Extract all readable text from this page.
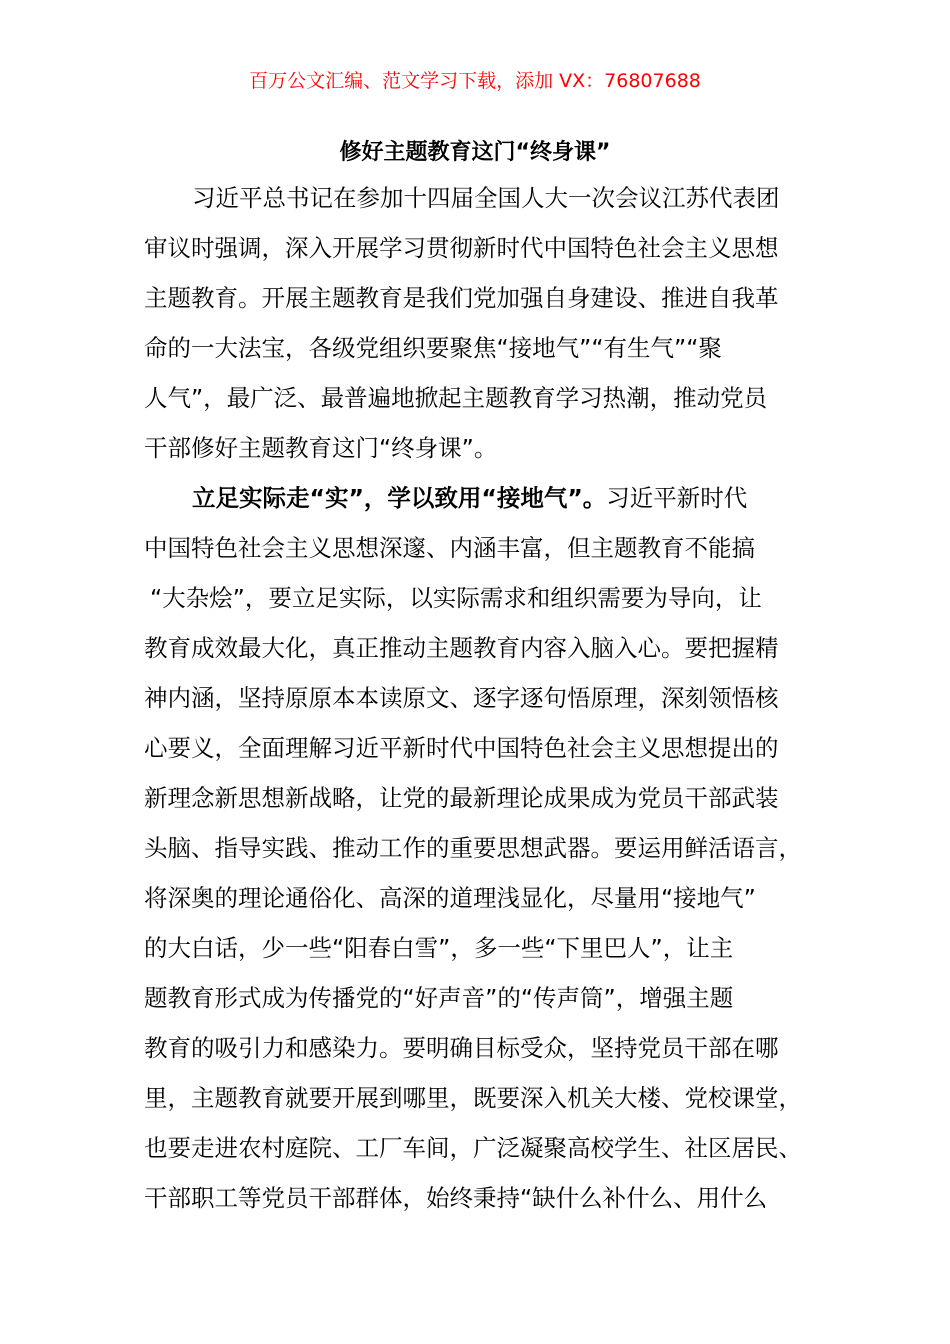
百万公文汇编、范文学习下载，添加 VX：76807688
修好主题教育这门“终身课”
习近平总书记在参加十四届全国人大一次会议江苏代表团
审议时强调，深入开展学习贯彻新时代中国特色社会主义思想
主题教育。开展主题教育是我们党加强自身建设、推进自我革
命的一大法宝，各级党组织要聚焦“接地气”“有生气”“聚
人气”，最广泛、最普遍地掀起主题教育学习热潮，推动党员
干部修好主题教育这门“终身课”。
立足实际走“实”，学以致用“接地气”。习近平新时代
中国特色社会主义思想深邃、内涵丰富，但主题教育不能搞
“大杂烩”，要立足实际，以实际需求和组织需要为导向，让
教育成效最大化，真正推动主题教育内容入脑入心。要把握精
神内涵，坚持原原本本读原文、逐字逐句悟原理，深刻领悟核
心要义，全面理解习近平新时代中国特色社会主义思想提出的
新理念新思想新战略，让党的最新理论成果成为党员干部武装
头脑、指导实践、推动工作的重要思想武器。要运用鲜活语言，
将深奥的理论通俗化、高深的道理浅显化，尽量用“接地气”
的大白话，少一些“阳春白雪”，多一些“下里巴人”，让主
题教育形式成为传播党的“好声音”的“传声筒”，增强主题
教育的吸引力和感染力。要明确目标受众，坚持党员干部在哪
里，主题教育就要开展到哪里，既要深入机关大楼、党校课堂，
也要走进农村庭院、工厂车间，广泛凝聚高校学生、社区居民、
干部职工等党员干部群体，始终秉持“缺什么补什么、用什么
